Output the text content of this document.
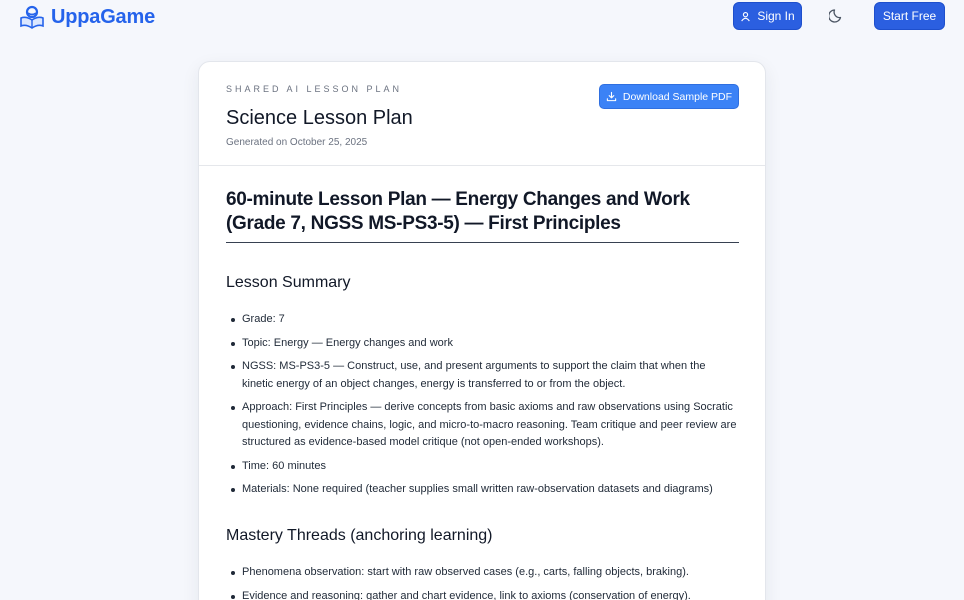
UppaGame	Sign In	Start Free
SHARED AI LESSON PLAN
Science Lesson Plan
Generated on October 25, 2025
Download Sample PDF
60-minute Lesson Plan — Energy Changes and Work (Grade 7, NGSS MS-PS3-5) — First Principles
Lesson Summary
Grade: 7
Topic: Energy — Energy changes and work
NGSS: MS-PS3-5 — Construct, use, and present arguments to support the claim that when the kinetic energy of an object changes, energy is transferred to or from the object.
Approach: First Principles — derive concepts from basic axioms and raw observations using Socratic questioning, evidence chains, logic, and micro-to-macro reasoning. Team critique and peer review are structured as evidence-based model critique (not open-ended workshops).
Time: 60 minutes
Materials: None required (teacher supplies small written raw-observation datasets and diagrams)
Mastery Threads (anchoring learning)
Phenomena observation: start with raw observed cases (e.g., carts, falling objects, braking).
Evidence and reasoning: gather and chart evidence, link to axioms (conservation of energy).
